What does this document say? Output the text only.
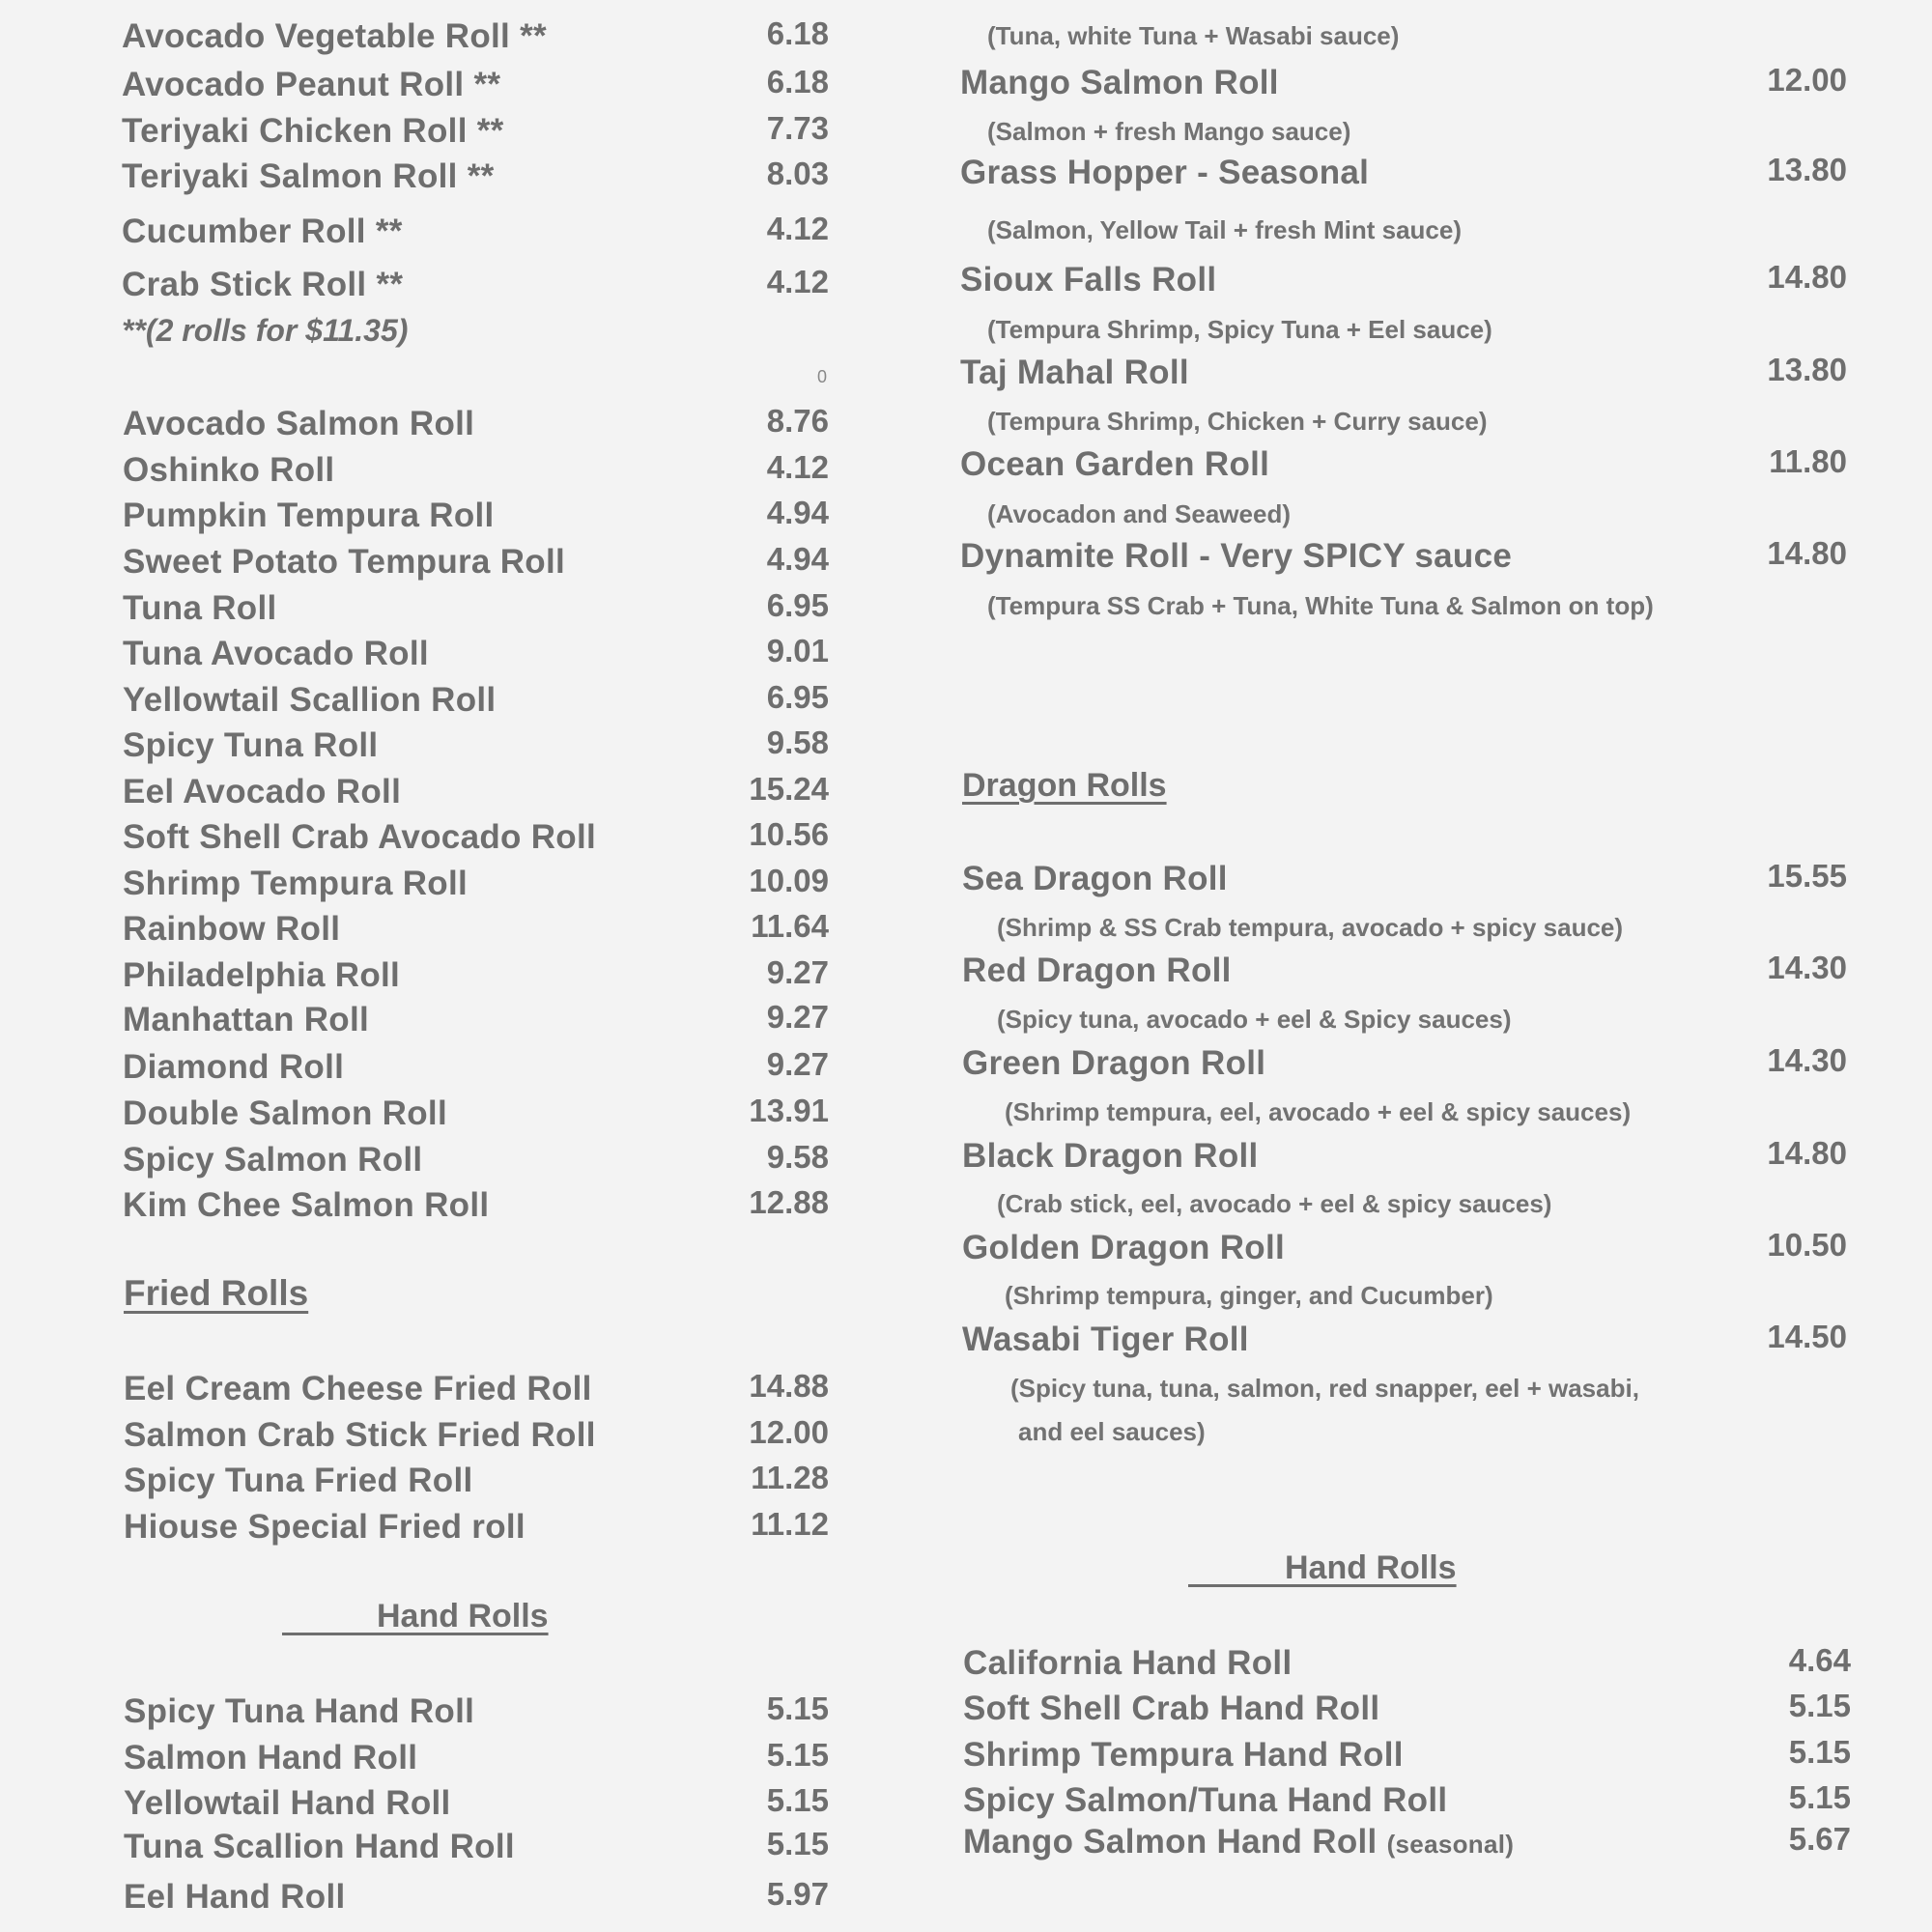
Avocado Vegetable Roll **	6.18
Avocado Peanut Roll **	6.18
Teriyaki Chicken Roll **	7.73
Teriyaki Salmon Roll **	8.03
Cucumber Roll **	4.12
Crab Stick Roll **	4.12
**(2 rolls for $11.35)
0
Avocado Salmon Roll	8.76
Oshinko Roll	4.12
Pumpkin Tempura Roll	4.94
Sweet Potato Tempura Roll	4.94
Tuna Roll	6.95
Tuna Avocado Roll	9.01
Yellowtail Scallion Roll	6.95
Spicy Tuna Roll	9.58
Eel Avocado Roll	15.24
Soft Shell Crab Avocado Roll	10.56
Shrimp Tempura Roll	10.09
Rainbow Roll	11.64
Philadelphia Roll	9.27
Manhattan Roll	9.27
Diamond Roll	9.27
Double Salmon Roll	13.91
Spicy Salmon Roll	9.58
Kim Chee Salmon Roll	12.88
Fried Rolls
Eel Cream Cheese Fried Roll	14.88
Salmon Crab Stick Fried Roll	12.00
Spicy Tuna Fried Roll	11.28
Hiouse Special Fried roll	11.12
Hand Rolls
Spicy Tuna Hand Roll	5.15
Salmon Hand Roll	5.15
Yellowtail Hand Roll	5.15
Tuna Scallion Hand Roll	5.15
Eel Hand Roll	5.97
(Tuna, white Tuna + Wasabi sauce)
Mango Salmon Roll	12.00
(Salmon + fresh Mango sauce)
Grass Hopper - Seasonal	13.80
(Salmon, Yellow Tail + fresh Mint sauce)
Sioux Falls Roll	14.80
(Tempura Shrimp, Spicy Tuna + Eel sauce)
Taj Mahal Roll	13.80
(Tempura Shrimp, Chicken + Curry sauce)
Ocean Garden Roll	11.80
(Avocadon and Seaweed)
Dynamite Roll - Very SPICY sauce	14.80
(Tempura SS Crab + Tuna, White Tuna & Salmon on top)
Dragon Rolls
Sea Dragon Roll	15.55
(Shrimp & SS Crab tempura, avocado + spicy sauce)
Red Dragon Roll	14.30
(Spicy tuna, avocado + eel & Spicy sauces)
Green Dragon Roll	14.30
(Shrimp tempura, eel, avocado + eel & spicy sauces)
Black Dragon Roll	14.80
(Crab stick, eel, avocado + eel & spicy sauces)
Golden Dragon Roll	10.50
(Shrimp tempura, ginger, and Cucumber)
Wasabi Tiger Roll	14.50
(Spicy tuna, tuna, salmon, red snapper, eel + wasabi,
and eel sauces)
Hand Rolls
California Hand Roll	4.64
Soft Shell Crab Hand Roll	5.15
Shrimp Tempura Hand Roll	5.15
Spicy Salmon/Tuna Hand Roll	5.15
Mango Salmon Hand Roll (seasonal)	5.67
